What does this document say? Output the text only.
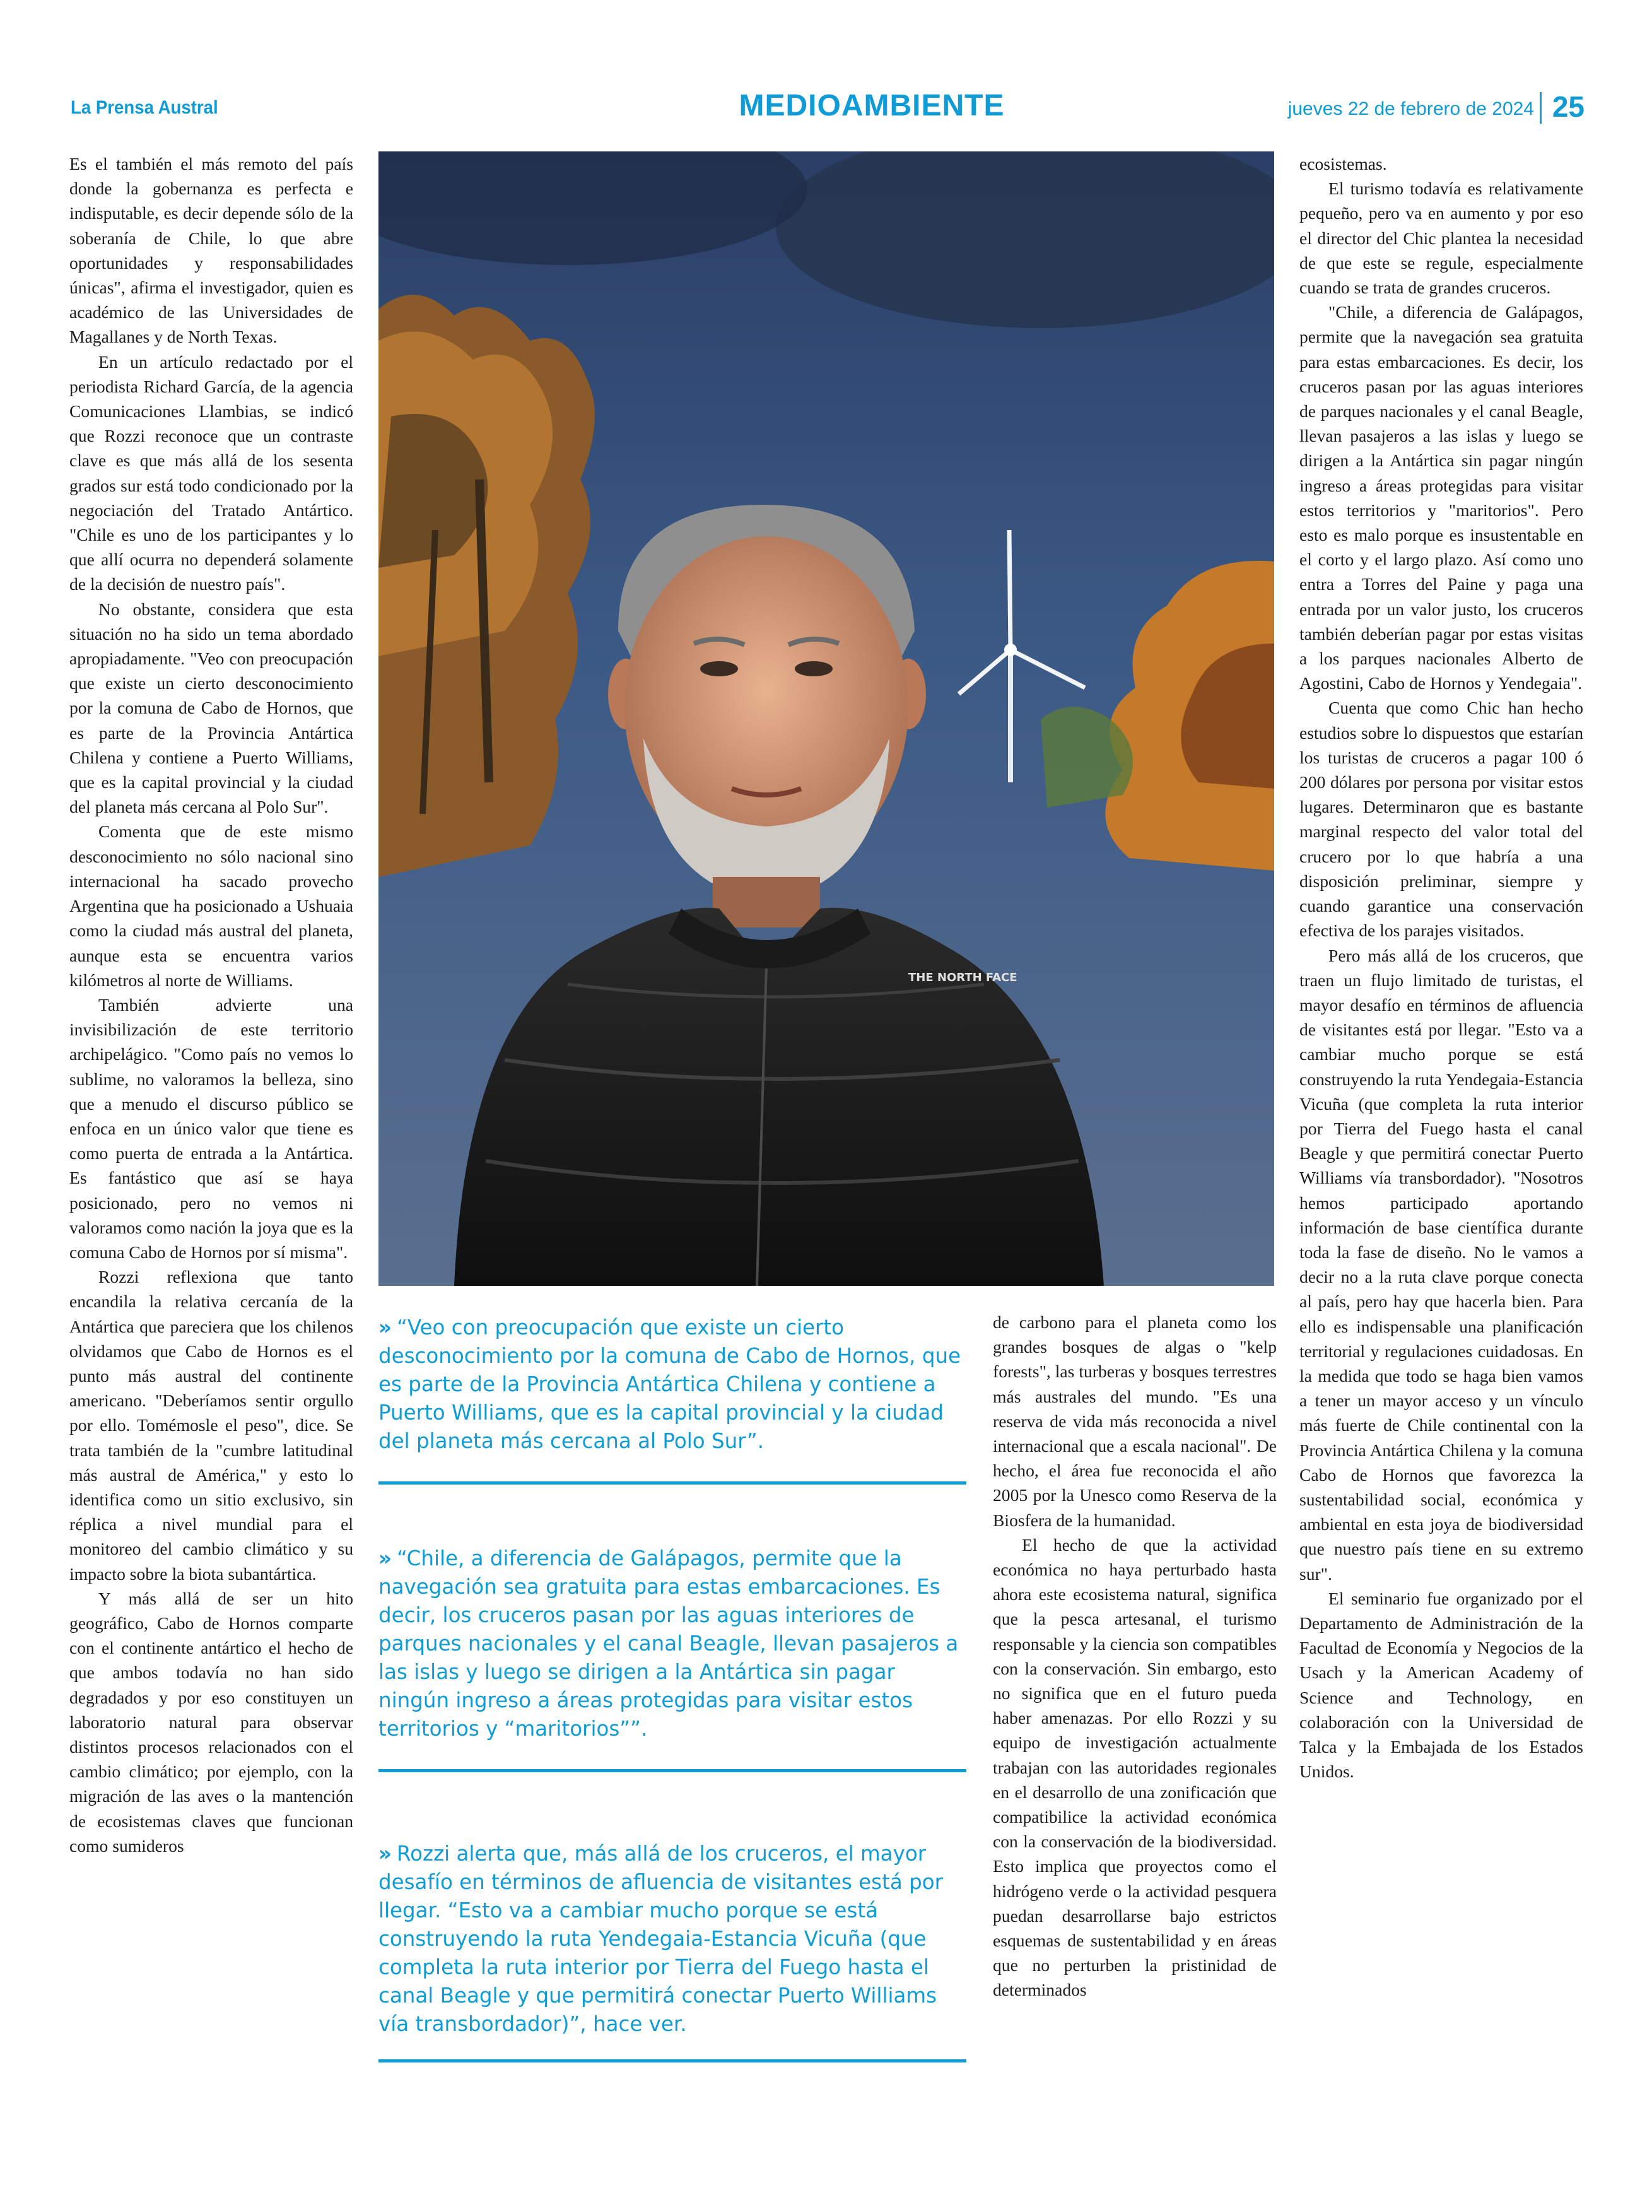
La Prensa Austral	MEDIOAMBIENTE	jueves 22 de febrero de 2024 25

Es el también el más remoto del país donde la gobernanza es perfecta e indisputable, es decir depende sólo de la soberanía de Chile, lo que abre oportunidades y responsabilidades únicas", afirma el investigador, quien es académico de las Universidades de Magallanes y de North Texas.

En un artículo redactado por el periodista Richard García, de la agencia Comunicaciones Llambias, se indicó que Rozzi reconoce que un contraste clave es que más allá de los sesenta grados sur está todo condicionado por la negociación del Tratado Antártico. "Chile es uno de los participantes y lo que allí ocurra no dependerá solamente de la decisión de nuestro país".

No obstante, considera que esta situación no ha sido un tema abordado apropiadamente. "Veo con preocupación que existe un cierto desconocimiento por la comuna de Cabo de Hornos, que es parte de la Provincia Antártica Chilena y contiene a Puerto Williams, que es la capital provincial y la ciudad del planeta más cercana al Polo Sur".

Comenta que de este mismo desconocimiento no sólo nacional sino internacional ha sacado provecho Argentina que ha posicionado a Ushuaia como la ciudad más austral del planeta, aunque esta se encuentra varios kilómetros al norte de Williams.

También advierte una invisibilización de este territorio archipelágico. "Como país no vemos lo sublime, no valoramos la belleza, sino que a menudo el discurso público se enfoca en un único valor que tiene es como puerta de entrada a la Antártica. Es fantástico que así se haya posicionado, pero no vemos ni valoramos como nación la joya que es la comuna Cabo de Hornos por sí misma".

Rozzi reflexiona que tanto encandila la relativa cercanía de la Antártica que pareciera que los chilenos olvidamos que Cabo de Hornos es el punto más austral del continente americano. "Deberíamos sentir orgullo por ello. Tomémosle el peso", dice. Se trata también de la "cumbre latitudinal más austral de América," y esto lo identifica como un sitio exclusivo, sin réplica a nivel mundial para el monitoreo del cambio climático y su impacto sobre la biota subantártica.

Y más allá de ser un hito geográfico, Cabo de Hornos comparte con el continente antártico el hecho de que ambos todavía no han sido degradados y por eso constituyen un laboratorio natural para observar distintos procesos relacionados con el cambio climático; por ejemplo, con la migración de las aves o la mantención de ecosistemas claves que funcionan como sumideros

THE NORTH FACE
» “Veo con preocupación que existe un cierto desconocimiento por la comuna de Cabo de Hornos, que es parte de la Provincia Antártica Chilena y contiene a Puerto Williams, que es la capital provincial y la ciudad del planeta más cercana al Polo Sur”.
» “Chile, a diferencia de Galápagos, permite que la navegación sea gratuita para estas embarcaciones. Es decir, los cruceros pasan por las aguas interiores de parques nacionales y el canal Beagle, llevan pasajeros a las islas y luego se dirigen a la Antártica sin pagar ningún ingreso a áreas protegidas para visitar estos territorios y “maritorios””.
» Rozzi alerta que, más allá de los cruceros, el mayor desafío en términos de afluencia de visitantes está por llegar. “Esto va a cambiar mucho porque se está construyendo la ruta Yendegaia-Estancia Vicuña (que completa la ruta interior por Tierra del Fuego hasta el canal Beagle y que permitirá conectar Puerto Williams vía transbordador)”, hace ver.

de carbono para el planeta como los grandes bosques de algas o "kelp forests", las turberas y bosques terrestres más australes del mundo. "Es una reserva de vida más reconocida a nivel internacional que a escala nacional". De hecho, el área fue reconocida el año 2005 por la Unesco como Reserva de la Biosfera de la humanidad.

El hecho de que la actividad económica no haya perturbado hasta ahora este ecosistema natural, significa que la pesca artesanal, el turismo responsable y la ciencia son compatibles con la conservación. Sin embargo, esto no significa que en el futuro pueda haber amenazas. Por ello Rozzi y su equipo de investigación actualmente trabajan con las autoridades regionales en el desarrollo de una zonificación que compatibilice la actividad económica con la conservación de la biodiversidad. Esto implica que proyectos como el hidrógeno verde o la actividad pesquera puedan desarrollarse bajo estrictos esquemas de sustentabilidad y en áreas que no perturben la pristinidad de determinados

ecosistemas.

El turismo todavía es relativamente pequeño, pero va en aumento y por eso el director del Chic plantea la necesidad de que este se regule, especialmente cuando se trata de grandes cruceros.

"Chile, a diferencia de Galápagos, permite que la navegación sea gratuita para estas embarcaciones. Es decir, los cruceros pasan por las aguas interiores de parques nacionales y el canal Beagle, llevan pasajeros a las islas y luego se dirigen a la Antártica sin pagar ningún ingreso a áreas protegidas para visitar estos territorios y "maritorios". Pero esto es malo porque es insustentable en el corto y el largo plazo. Así como uno entra a Torres del Paine y paga una entrada por un valor justo, los cruceros también deberían pagar por estas visitas a los parques nacionales Alberto de Agostini, Cabo de Hornos y Yendegaia".

Cuenta que como Chic han hecho estudios sobre lo dispuestos que estarían los turistas de cruceros a pagar 100 ó 200 dólares por persona por visitar estos lugares. Determinaron que es bastante marginal respecto del valor total del crucero por lo que habría a una disposición preliminar, siempre y cuando garantice una conservación efectiva de los parajes visitados.

Pero más allá de los cruceros, que traen un flujo limitado de turistas, el mayor desafío en términos de afluencia de visitantes está por llegar. "Esto va a cambiar mucho porque se está construyendo la ruta Yendegaia-Estancia Vicuña (que completa la ruta interior por Tierra del Fuego hasta el canal Beagle y que permitirá conectar Puerto Williams vía transbordador). "Nosotros hemos participado aportando información de base científica durante toda la fase de diseño. No le vamos a decir no a la ruta clave porque conecta al país, pero hay que hacerla bien. Para ello es indispensable una planificación territorial y regulaciones cuidadosas. En la medida que todo se haga bien vamos a tener un mayor acceso y un vínculo más fuerte de Chile continental con la Provincia Antártica Chilena y la comuna Cabo de Hornos que favorezca la sustentabilidad social, económica y ambiental en esta joya de biodiversidad que nuestro país tiene en su extremo sur".

El seminario fue organizado por el Departamento de Administración de la Facultad de Economía y Negocios de la Usach y la American Academy of Science and Technology, en colaboración con la Universidad de Talca y la Embajada de los Estados Unidos.
